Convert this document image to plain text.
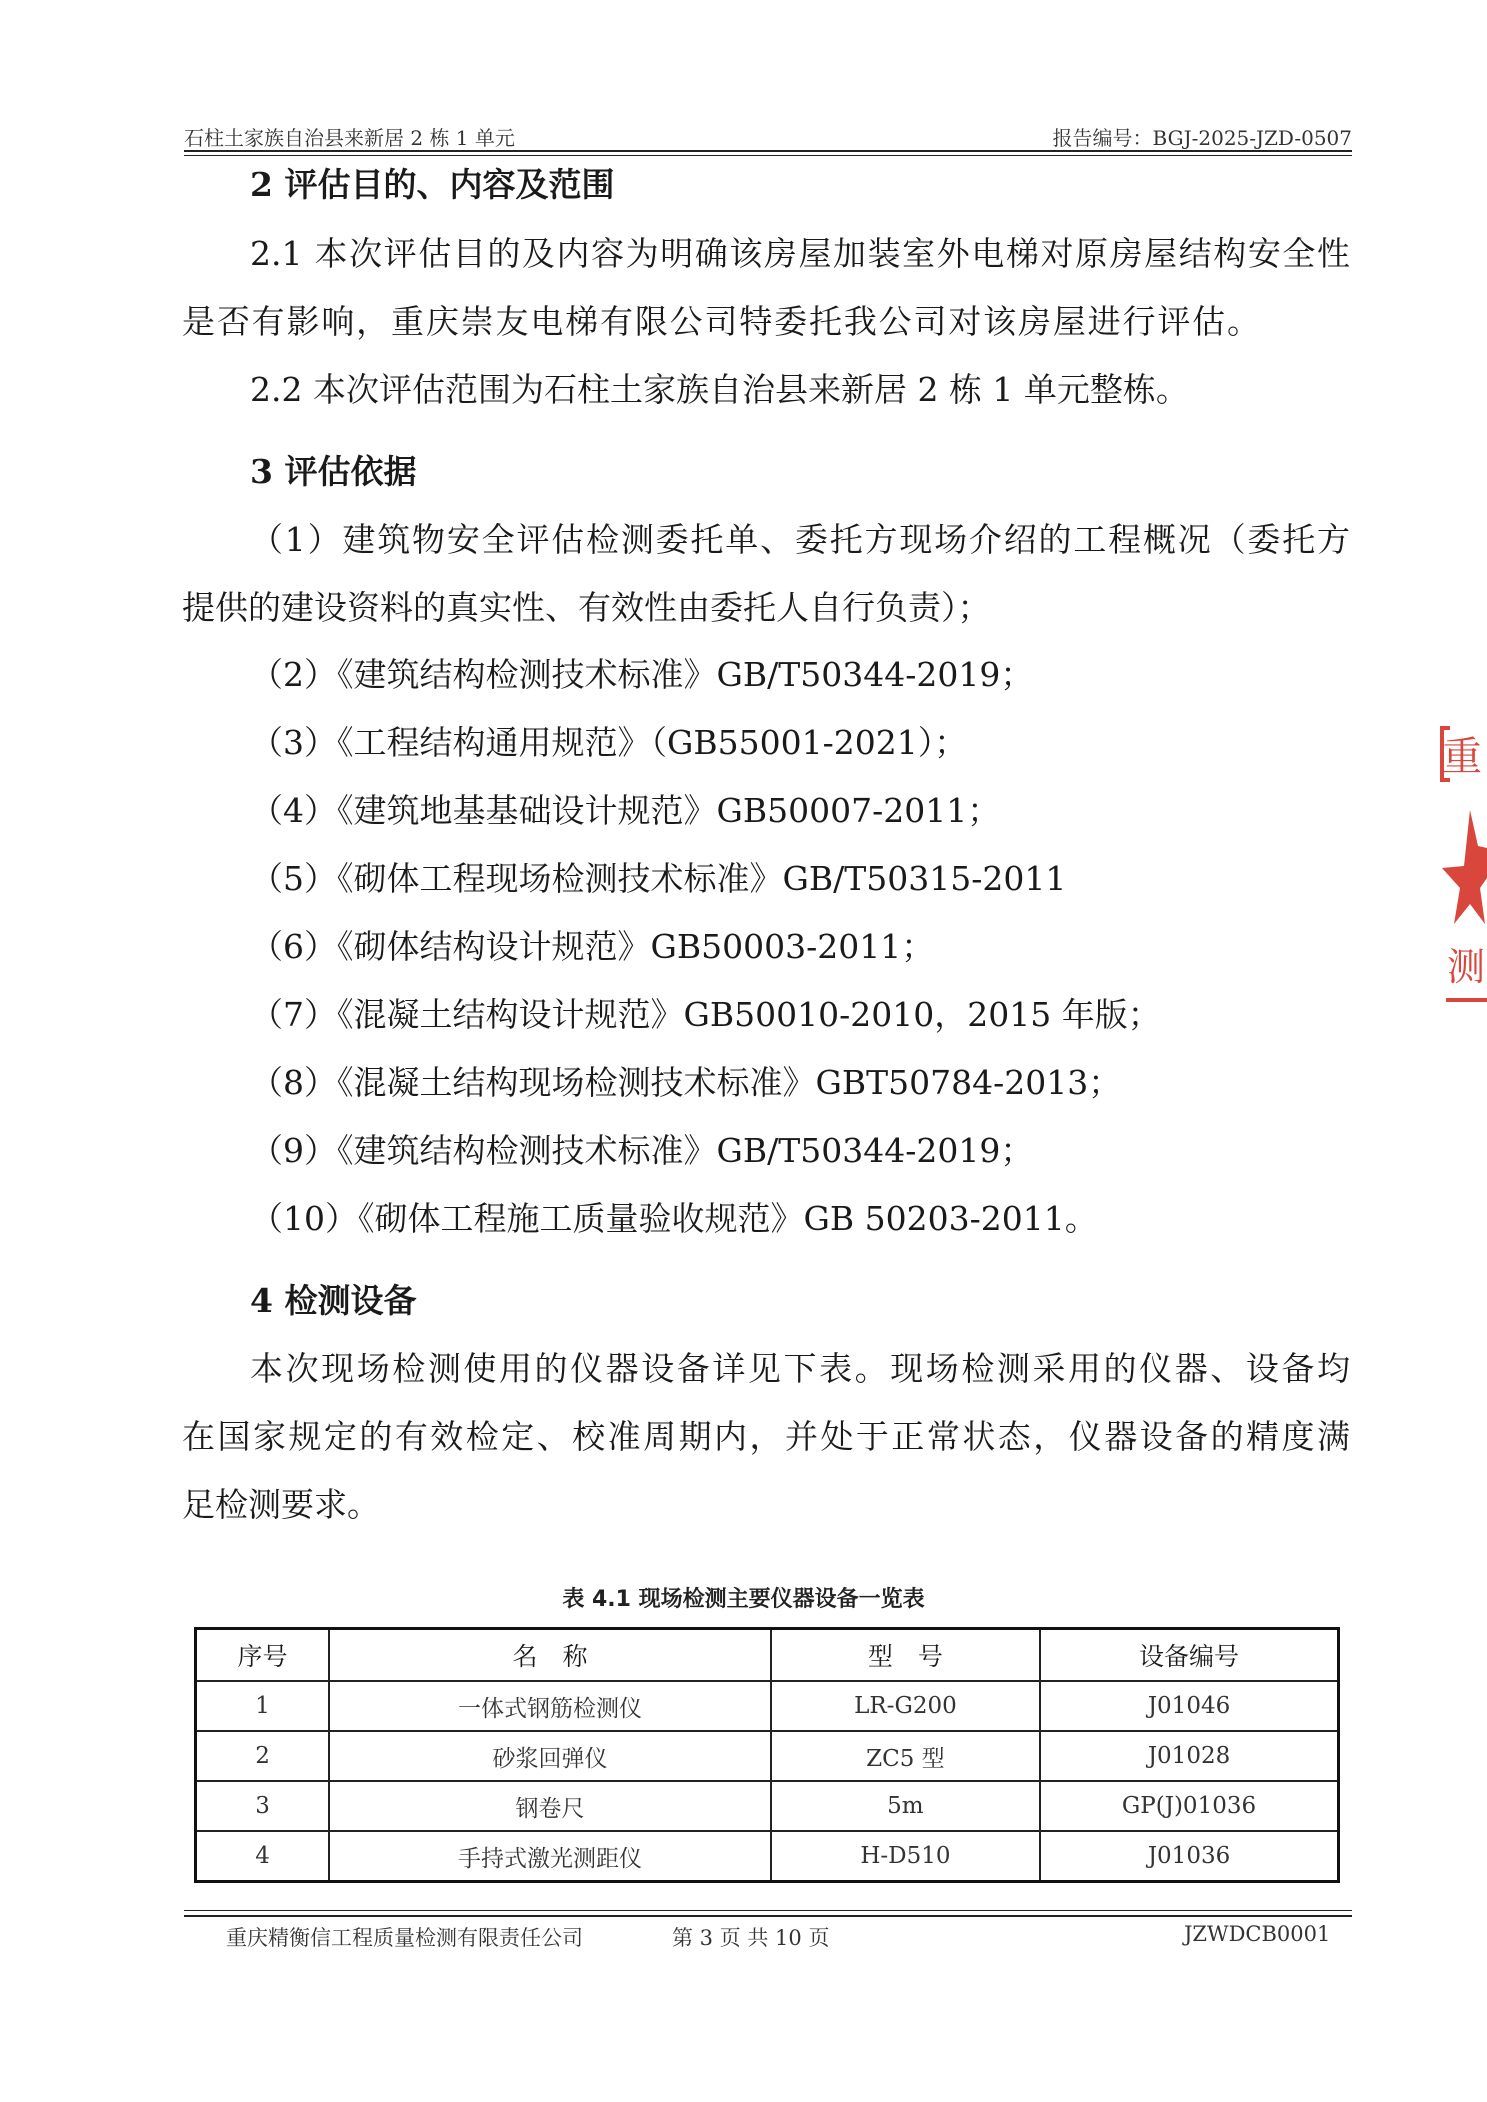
石柱土家族自治县来新居 2 栋 1 单元	报告编号：BGJ-2025-JZD-0507
2 评估目的、内容及范围
2.1 本次评估目的及内容为明确该房屋加装室外电梯对原房屋结构安全性
是否有影响，重庆崇友电梯有限公司特委托我公司对该房屋进行评估。
2.2 本次评估范围为石柱土家族自治县来新居 2 栋 1 单元整栋。
3 评估依据
（1）建筑物安全评估检测委托单、委托方现场介绍的工程概况（委托方
提供的建设资料的真实性、有效性由委托人自行负责）；
（2）《建筑结构检测技术标准》GB/T50344-2019；
（3）《工程结构通用规范》（GB55001-2021）；
（4）《建筑地基基础设计规范》GB50007-2011；
（5）《砌体工程现场检测技术标准》GB/T50315-2011
（6）《砌体结构设计规范》GB50003-2011；
（7）《混凝土结构设计规范》GB50010-2010，2015 年版；
（8）《混凝土结构现场检测技术标准》GBT50784-2013；
（9）《建筑结构检测技术标准》GB/T50344-2019；
（10）《砌体工程施工质量验收规范》GB 50203-2011。
4 检测设备
本次现场检测使用的仪器设备详见下表。现场检测采用的仪器、设备均
在国家规定的有效检定、校准周期内，并处于正常状态，仪器设备的精度满
足检测要求。
表 4.1 现场检测主要仪器设备一览表
序号	名　称	型　号	设备编号
1	一体式钢筋检测仪	LR-G200	J01046
2	砂浆回弹仪	ZC5 型	J01028
3	钢卷尺	5m	GP(J)01036
4	手持式激光测距仪	H-D510	J01036
重庆精衡信工程质量检测有限责任公司	第 3 页 共 10 页	JZWDCB0001
重
测
